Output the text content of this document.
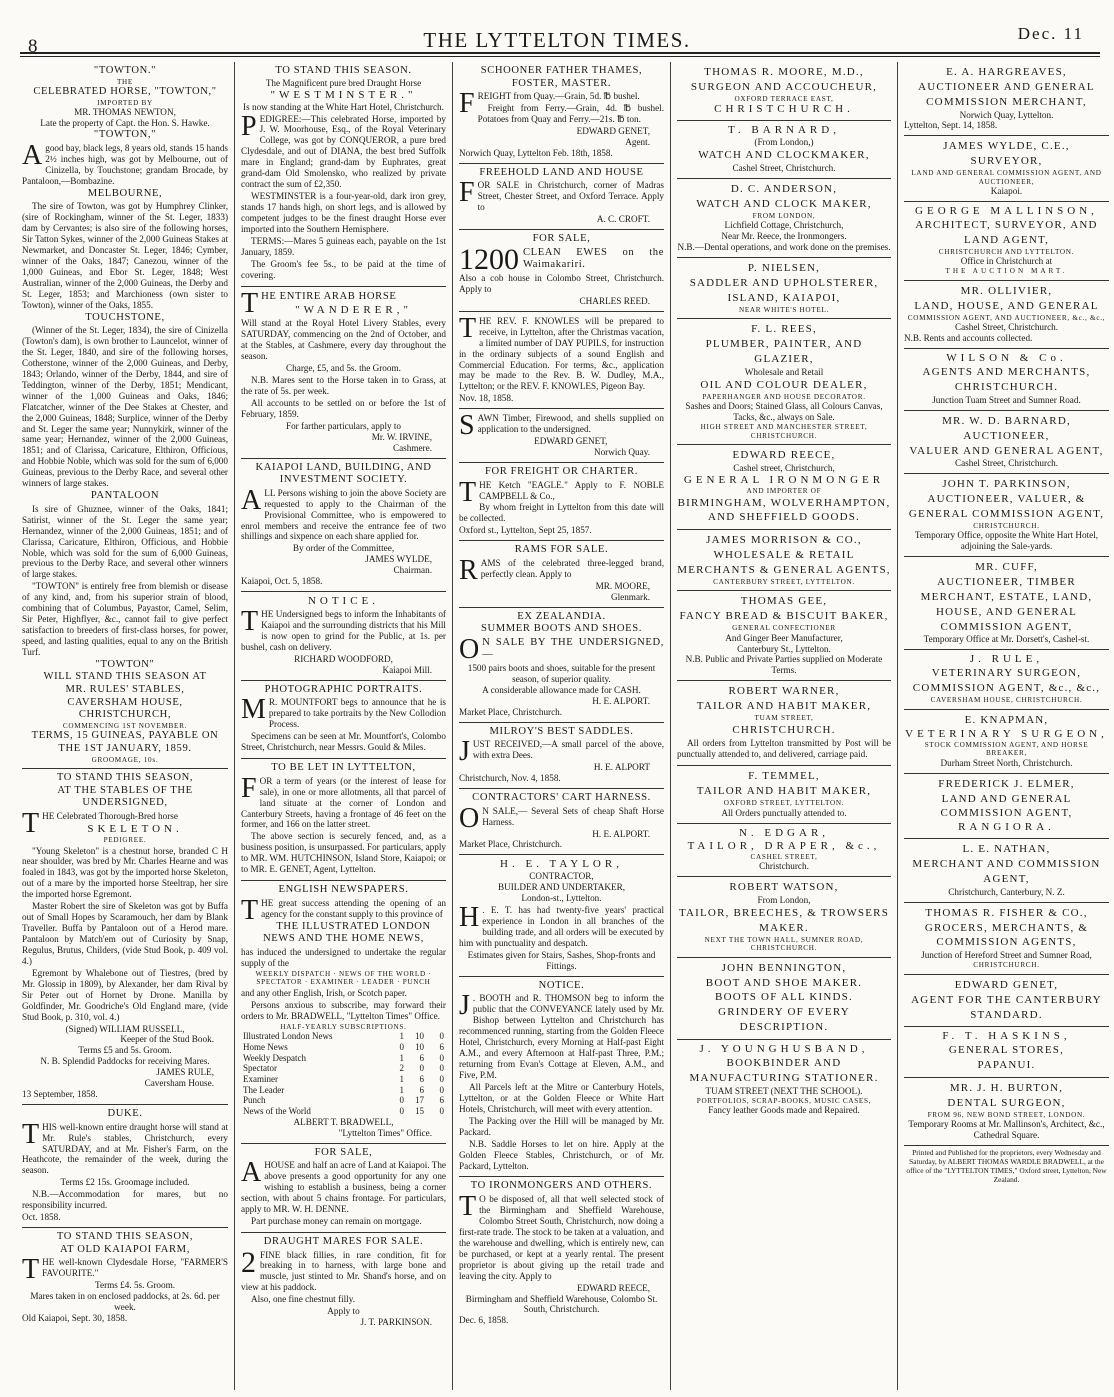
8	THE LYTTELTON TIMES.	Dec. 11
"TOWTON."
THE
CELEBRATED HORSE, "TOWTON,"
IMPORTED BY
MR. THOMAS NEWTON,
Late the property of Capt. the Hon. S. Hawke.
"TOWTON,"
Agood bay, black legs, 8 years old, stands 15 hands 2½ inches high, was got by Melbourne, out of Cinizella, by Touchstone; grandam Brocade, by Pantaloon,—Bombazine.
MELBOURNE,
The sire of Towton, was got by Humphrey Clinker, (sire of Rockingham, winner of the St. Leger, 1833) dam by Cervantes; is also sire of the following horses, Sir Tatton Sykes, winner of the 2,000 Guineas Stakes at Newmarket, and Doncaster St. Leger, 1846; Cymber, winner of the Oaks, 1847; Canezou, winner of the 1,000 Guineas, and Ebor St. Leger, 1848; West Australian, winner of the 2,000 Guineas, the Derby and St. Leger, 1853; and Marchioness (own sister to Towton), winner of the Oaks, 1855.
TOUCHSTONE,
(Winner of the St. Leger, 1834), the sire of Cinizella (Towton's dam), is own brother to Launcelot, winner of the St. Leger, 1840, and sire of the following horses, Cotherstone, winner of the 2,000 Guineas, and Derby, 1843; Orlando, winner of the Derby, 1844, and sire of Teddington, winner of the Derby, 1851; Mendicant, winner of the 1,000 Guineas and Oaks, 1846; Flatcatcher, winner of the Dee Stakes at Chester, and the 2,000 Guineas, 1848; Surplice, winner of the Derby and St. Leger the same year; Nunnykirk, winner of the same year; Hernandez, winner of the 2,000 Guineas, 1851; and of Clarissa, Caricature, Elthiron, Officious, and Hobbie Noble, which was sold for the sum of 6,000 Guineas, previous to the Derby Race, and several other winners of large stakes.
PANTALOON
Is sire of Ghuznee, winner of the Oaks, 1841; Satirist, winner of the St. Leger the same year; Hernandez, winner of the 2,000 Guineas, 1851; and of Clarissa, Caricature, Elthiron, Officious, and Hobbie Noble, which was sold for the sum of 6,000 Guineas, previous to the Derby Race, and several other winners of large stakes.
"TOWTON" is entirely free from blemish or disease of any kind, and, from his superior strain of blood, combining that of Columbus, Payastor, Camel, Selim, Sir Peter, Highflyer, &c., cannot fail to give perfect satisfaction to breeders of first-class horses, for power, speed, and lasting qualities, equal to any on the British Turf.
"TOWTON"
WILL STAND THIS SEASON AT
MR. RULES' STABLES,
CAVERSHAM HOUSE, CHRISTCHURCH,
COMMENCING 1ST NOVEMBER.
TERMS, 15 GUINEAS, PAYABLE ON
THE 1ST JANUARY, 1859.
GROOMAGE, 10s.
TO STAND THIS SEASON,
AT THE STABLES OF THE
UNDERSIGNED,
THE Celebrated Thorough-Bred horse
SKELETON.
PEDIGREE.
"Young Skeleton" is a chestnut horse, branded C H near shoulder, was bred by Mr. Charles Hearne and was foaled in 1843, was got by the imported horse Skeleton, out of a mare by the imported horse Steeltrap, her sire the imported horse Egremont.
Master Robert the sire of Skeleton was got by Buffa out of Small Hopes by Scaramouch, her dam by Blank Traveller. Buffa by Pantaloon out of a Herod mare. Pantaloon by Match'em out of Curiosity by Snap, Regulus, Brutus, Childers, (vide Stud Book, p. 409 vol. 4.)
Egremont by Whalebone out of Tiestres, (bred by Mr. Glossip in 1809), by Alexander, her dam Rival by Sir Peter out of Hornet by Drone. Manilla by Goldfinder, Mr. Goodriche's Old England mare, (vide Stud Book, p. 310, vol. 4.)
(Signed) WILLIAM RUSSELL,
Keeper of the Stud Book.
Terms £5 and 5s. Groom.
N. B. Splendid Paddocks for receiving Mares.
JAMES RULE,
Caversham House.
13 September, 1858.
DUKE.
THIS well-known entire draught horse will stand at Mr. Rule's stables, Christchurch, every SATURDAY, and at Mr. Fisher's Farm, on the Heathcote, the remainder of the week, during the season.
Terms £2 15s. Groomage included.
N.B.—Accommodation for mares, but no responsibility incurred.
Oct. 1858.
TO STAND THIS SEASON,
AT OLD KAIAPOI FARM,
THE well-known Clydesdale Horse, "FARMER'S FAVOURITE."
Terms £4. 5s. Groom.
Mares taken in on enclosed paddocks, at 2s. 6d. per week.
Old Kaiapoi, Sept. 30, 1858.
TO STAND THIS SEASON.
The Magnificent pure bred Draught Horse
"WESTMINSTER."
Is now standing at the White Hart Hotel, Christchurch.
PEDIGREE:—This celebrated Horse, imported by J. W. Moorhouse, Esq., of the Royal Veterinary College, was got by CONQUEROR, a pure bred Clydesdale, and out of DIANA, the best bred Suffolk mare in England; grand-dam by Euphrates, great grand-dam Old Smolensko, who realized by private contract the sum of £2,350.
WESTMINSTER is a four-year-old, dark iron grey, stands 17 hands high, on short legs, and is allowed by competent judges to be the finest draught Horse ever imported into the Southern Hemisphere.
TERMS:—Mares 5 guineas each, payable on the 1st January, 1859.
The Groom's fee 5s., to be paid at the time of covering.
THE ENTIRE ARAB HORSE
"WANDERER,"
Will stand at the Royal Hotel Livery Stables, every SATURDAY, commencing on the 2nd of October, and at the Stables, at Cashmere, every day throughout the season.
Charge, £5, and 5s. the Groom.
N.B. Mares sent to the Horse taken in to Grass, at the rate of 5s. per week.
All accounts to be settled on or before the 1st of February, 1859.
For farther particulars, apply to
Mr. W. IRVINE,
Cashmere.
KAIAPOI LAND, BUILDING, AND INVESTMENT SOCIETY.
ALL Persons wishing to join the above Society are requested to apply to the Chairman of the Provisional Committee, who is empowered to enrol members and receive the entrance fee of two shillings and sixpence on each share applied for.
By order of the Committee,
JAMES WYLDE,
Chairman.
Kaiapoi, Oct. 5, 1858.
NOTICE.
THE Undersigned begs to inform the Inhabitants of Kaiapoi and the surrounding districts that his Mill is now open to grind for the Public, at 1s. per bushel, cash on delivery.
RICHARD WOODFORD,
Kaiapoi Mill.
PHOTOGRAPHIC PORTRAITS.
M R. MOUNTFORT begs to announce that he is prepared to take portraits by the New Collodion Process.
Specimens can be seen at Mr. Mountfort's, Colombo Street, Christchurch, near Messrs. Gould & Miles.
TO BE LET IN LYTTELTON,
FOR a term of years (or the interest of lease for sale), in one or more allotments, all that parcel of land situate at the corner of London and Canterbury Streets, having a frontage of 46 feet on the former, and 166 on the latter street.
The above section is securely fenced, and, as a business position, is unsurpassed. For particulars, apply to MR. WM. HUTCHINSON, Island Store, Kaiapoi; or to MR. E. GENET, Agent, Lyttelton.
ENGLISH NEWSPAPERS.
THE great success attending the opening of an agency for the constant supply to this province of
THE ILLUSTRATED LONDON NEWS AND THE HOME NEWS,
has induced the undersigned to undertake the regular supply of the
WEEKLY DISPATCH · NEWS OF THE WORLD · SPECTATOR · EXAMINER · LEADER · PUNCH
and any other English, Irish, or Scotch paper.
Persons anxious to subscribe, may forward their orders to Mr. BRADWELL, "Lyttelton Times" Office.
HALF-YEARLY SUBSCRIPTIONS.
Illustrated London News	1	10	0
Home News	0	10	6
Weekly Despatch	1	6	0
Spectator	2	0	0
Examiner	1	6	0
The Leader	1	6	0
Punch	0	17	6
News of the World	0	15	0
ALBERT T. BRADWELL,
"Lyttelton Times" Office.
FOR SALE,
AHOUSE and half an acre of Land at Kaiapoi. The above presents a good opportunity for any one wishing to establish a business, being a corner section, with about 5 chains frontage. For particulars, apply to MR. W. H. DENNE.
Part purchase money can remain on mortgage.
DRAUGHT MARES FOR SALE.
2 FINE black fillies, in rare condition, fit for breaking in to harness, with large bone and muscle, just stinted to Mr. Shand's horse, and on view at his paddock.
Also, one fine chestnut filly.
Apply to
J. T. PARKINSON.
SCHOONER FATHER THAMES, FOSTER, MASTER.
FREIGHT from Quay.—Grain, 5d. ℔ bushel.
Freight from Ferry.—Grain, 4d. ℔ bushel. Potatoes from Quay and Ferry.—21s. ℔ ton.
EDWARD GENET,
Agent.
Norwich Quay, Lyttelton Feb. 18th, 1858.
FREEHOLD LAND AND HOUSE
FOR SALE in Christchurch, corner of Madras Street, Chester Street, and Oxford Terrace. Apply to
A. C. CROFT.
FOR SALE,
1200 CLEAN EWES on the Waimakariri.
Also a cob house in Colombo Street, Christchurch. Apply to
CHARLES REED.
THE REV. F. KNOWLES will be prepared to receive, in Lyttelton, after the Christmas vacation, a limited number of DAY PUPILS, for instruction in the ordinary subjects of a sound English and Commercial Education. For terms, &c., application may be made to the Rev. B. W. Dudley, M.A., Lyttelton; or the REV. F. KNOWLES, Pigeon Bay.
Nov. 18, 1858.
SAWN Timber, Firewood, and shells supplied on application to the undersigned.
EDWARD GENET,
Norwich Quay.
FOR FREIGHT OR CHARTER.
THE Ketch "EAGLE." Apply to F. NOBLE CAMPBELL & Co.,
By whom freight in Lyttelton from this date will be collected.
Oxford st., Lyttelton, Sept 25, 1857.
RAMS FOR SALE.
RAMS of the celebrated three-legged brand, perfectly clean. Apply to
MR. MOORE,
Glenmark.
EX ZEALANDIA.
SUMMER BOOTS AND SHOES.
O N SALE BY THE UNDERSIGNED,—
1500 pairs boots and shoes, suitable for the present season, of superior quality.
A considerable allowance made for CASH.
H. E. ALPORT.
Market Place, Christchurch.
MILROY'S BEST SADDLES.
JUST RECEIVED,—A small parcel of the above, with extra Dees.
H. E. ALPORT
Christchurch, Nov. 4, 1858.
CONTRACTORS' CART HARNESS.
O N SALE,— Several Sets of cheap Shaft Horse Harness.
H. E. ALPORT.
Market Place, Christchurch.
H. E. TAYLOR,
CONTRACTOR,
BUILDER AND UNDERTAKER,
London-st., Lyttelton.
H . E. T. has had twenty-five years' practical experience in London in all branches of the building trade, and all orders will be executed by him with punctuality and despatch.
Estimates given for Stairs, Sashes, Shop-fronts and Fittings.
NOTICE.
J . BOOTH and R. THOMSON beg to inform the public that the CONVEYANCE lately used by Mr. Bishop between Lyttelton and Christchurch has recommenced running, starting from the Golden Fleece Hotel, Christchurch, every Morning at Half-past Eight A.M., and every Afternoon at Half-past Three, P.M.; returning from Evan's Cottage at Eleven, A.M., and Five, P.M.
All Parcels left at the Mitre or Canterbury Hotels, Lyttelton, or at the Golden Fleece or White Hart Hotels, Christchurch, will meet with every attention.
The Packing over the Hill will be managed by Mr. Packard.
N.B. Saddle Horses to let on hire. Apply at the Golden Fleece Stables, Christchurch, or of Mr. Packard, Lyttelton.
TO IRONMONGERS AND OTHERS.
T O be disposed of, all that well selected stock of the Birmingham and Sheffield Warehouse, Colombo Street South, Christchurch, now doing a first-rate trade. The stock to be taken at a valuation, and the warehouse and dwelling, which is entirely new, can be purchased, or kept at a yearly rental. The present proprietor is about giving up the retail trade and leaving the city. Apply to
EDWARD REECE,
Birmingham and Sheffield Warehouse, Colombo St. South, Christchurch.
Dec. 6, 1858.
THOMAS R. MOORE, M.D.,
SURGEON AND ACCOUCHEUR,
OXFORD TERRACE EAST,
CHRISTCHURCH.
T. BARNARD,
(From London,)
WATCH AND CLOCKMAKER,
Cashel Street, Christchurch.
D. C. ANDERSON,
WATCH AND CLOCK MAKER,
FROM LONDON,
Lichfield Cottage, Christchurch,
Near Mr. Reece, the Ironmongers.
N.B.—Dental operations, and work done on the premises.
P. NIELSEN,
SADDLER AND UPHOLSTERER,
ISLAND, KAIAPOI,
NEAR WHITE'S HOTEL.
F. L. REES,
PLUMBER, PAINTER, AND GLAZIER,
Wholesale and Retail
OIL AND COLOUR DEALER,
PAPERHANGER AND HOUSE DECORATOR.
Sashes and Doors; Stained Glass, all Colours Canvas, Tacks, &c., always on Sale.
HIGH STREET AND MANCHESTER STREET, CHRISTCHURCH.
EDWARD REECE,
Cashel street, Christchurch,
GENERAL IRONMONGER
AND IMPORTER OF
BIRMINGHAM, WOLVERHAMPTON, AND SHEFFIELD GOODS.
JAMES MORRISON & CO.,
WHOLESALE & RETAIL MERCHANTS & GENERAL AGENTS,
CANTERBURY STREET, LYTTELTON.
THOMAS GEE,
FANCY BREAD & BISCUIT BAKER,
GENERAL CONFECTIONER
And Ginger Beer Manufacturer,
Canterbury St., Lyttelton.
N.B. Public and Private Parties supplied on Moderate Terms.
ROBERT WARNER,
TAILOR AND HABIT MAKER,
TUAM STREET,
CHRISTCHURCH.
All orders from Lyttelton transmitted by Post will be punctually attended to, and delivered, carriage paid.
F. TEMMEL,
TAILOR AND HABIT MAKER,
OXFORD STREET, LYTTELTON.
All Orders punctually attended to.
N. EDGAR,
TAILOR, DRAPER, &c.,
CASHEL STREET,
Christchurch.
ROBERT WATSON,
From London,
TAILOR, BREECHES, & TROWSERS MAKER.
NEXT THE TOWN HALL, SUMNER ROAD, CHRISTCHURCH.
JOHN BENNINGTON,
BOOT AND SHOE MAKER.
BOOTS OF ALL KINDS.
GRINDERY OF EVERY DESCRIPTION.
J. YOUNGHUSBAND,
BOOKBINDER AND MANUFACTURING STATIONER.
TUAM STREET (NEXT THE SCHOOL).
PORTFOLIOS, SCRAP-BOOKS, MUSIC CASES,
Fancy leather Goods made and Repaired.
E. A. HARGREAVES,
AUCTIONEER AND GENERAL COMMISSION MERCHANT,
Norwich Quay, Lyttelton.
Lyttelton, Sept. 14, 1858.
JAMES WYLDE, C.E.,
SURVEYOR,
LAND AND GENERAL COMMISSION AGENT, AND AUCTIONEER,
Kaiapoi.
GEORGE MALLINSON,
ARCHITECT, SURVEYOR, AND LAND AGENT,
CHRISTCHURCH AND LYTTELTON.
Office in Christchurch at
THE AUCTION MART.
MR. OLLIVIER,
LAND, HOUSE, AND GENERAL
COMMISSION AGENT, AND AUCTIONEER, &c., &c.,
Cashel Street, Christchurch.
N.B. Rents and accounts collected.
WILSON & Co.
AGENTS AND MERCHANTS,
CHRISTCHURCH.
Junction Tuam Street and Sumner Road.
MR. W. D. BARNARD,
AUCTIONEER,
VALUER AND GENERAL AGENT,
Cashel Street, Christchurch.
JOHN T. PARKINSON,
AUCTIONEER, VALUER, & GENERAL COMMISSION AGENT,
CHRISTCHURCH.
Temporary Office, opposite the White Hart Hotel, adjoining the Sale-yards.
MR. CUFF,
AUCTIONEER, TIMBER MERCHANT, ESTATE, LAND, HOUSE, AND GENERAL COMMISSION AGENT,
Temporary Office at Mr. Dorsett's, Cashel-st.
J. RULE,
VETERINARY SURGEON, COMMISSION AGENT, &c., &c.,
CAVERSHAM HOUSE, CHRISTCHURCH.
E. KNAPMAN,
VETERINARY SURGEON,
STOCK COMMISSION AGENT, AND HORSE BREAKER,
Durham Street North, Christchurch.
FREDERICK J. ELMER,
LAND AND GENERAL COMMISSION AGENT,
RANGIORA.
L. E. NATHAN,
MERCHANT AND COMMISSION AGENT,
Christchurch, Canterbury, N. Z.
THOMAS R. FISHER & CO.,
GROCERS, MERCHANTS, & COMMISSION AGENTS,
Junction of Hereford Street and Sumner Road,
CHRISTCHURCH.
EDWARD GENET,
AGENT FOR THE CANTERBURY STANDARD.
F. T. HASKINS,
GENERAL STORES,
PAPANUI.
MR. J. H. BURTON,
DENTAL SURGEON,
FROM 96, NEW BOND STREET, LONDON.
Temporary Rooms at Mr. Mallinson's, Architect, &c., Cathedral Square.
Printed and Published for the proprietors, every Wednesday and Saturday, by ALBERT THOMAS WARDLE BRADWELL, at the office of the "LYTTELTON TIMES," Oxford street, Lyttelton, New Zealand.
